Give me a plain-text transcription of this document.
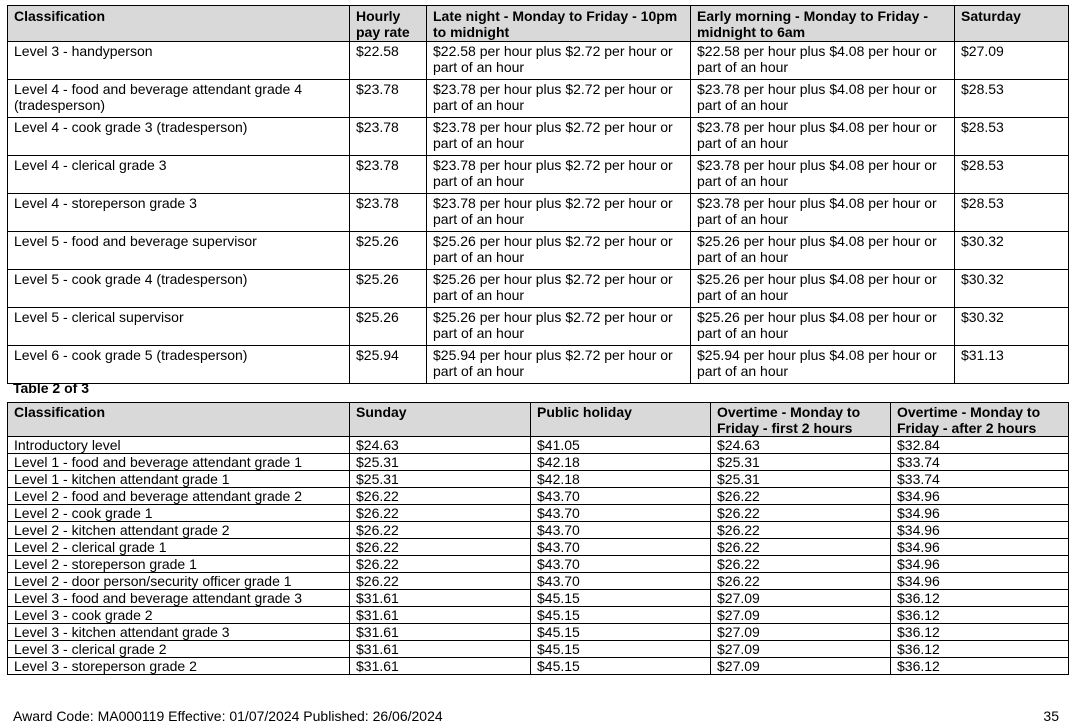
Classification	Hourly pay rate	Late night - Monday to Friday - 10pm to midnight	Early morning - Monday to Friday - midnight to 6am	Saturday
Level 3 - handyperson	$22.58	$22.58 per hour plus $2.72 per hour or part of an hour	$22.58 per hour plus $4.08 per hour or part of an hour	$27.09
Level 4 - food and beverage attendant grade 4 (tradesperson)	$23.78	$23.78 per hour plus $2.72 per hour or part of an hour	$23.78 per hour plus $4.08 per hour or part of an hour	$28.53
Level 4 - cook grade 3 (tradesperson)	$23.78	$23.78 per hour plus $2.72 per hour or part of an hour	$23.78 per hour plus $4.08 per hour or part of an hour	$28.53
Level 4 - clerical grade 3	$23.78	$23.78 per hour plus $2.72 per hour or part of an hour	$23.78 per hour plus $4.08 per hour or part of an hour	$28.53
Level 4 - storeperson grade 3	$23.78	$23.78 per hour plus $2.72 per hour or part of an hour	$23.78 per hour plus $4.08 per hour or part of an hour	$28.53
Level 5 - food and beverage supervisor	$25.26	$25.26 per hour plus $2.72 per hour or part of an hour	$25.26 per hour plus $4.08 per hour or part of an hour	$30.32
Level 5 - cook grade 4 (tradesperson)	$25.26	$25.26 per hour plus $2.72 per hour or part of an hour	$25.26 per hour plus $4.08 per hour or part of an hour	$30.32
Level 5 - clerical supervisor	$25.26	$25.26 per hour plus $2.72 per hour or part of an hour	$25.26 per hour plus $4.08 per hour or part of an hour	$30.32
Level 6 - cook grade 5 (tradesperson)	$25.94	$25.94 per hour plus $2.72 per hour or part of an hour	$25.94 per hour plus $4.08 per hour or part of an hour	$31.13
Table 2 of 3
Classification	Sunday	Public holiday	Overtime - Monday to Friday - first 2 hours	Overtime - Monday to Friday - after 2 hours
Introductory level	$24.63	$41.05	$24.63	$32.84
Level 1 - food and beverage attendant grade 1	$25.31	$42.18	$25.31	$33.74
Level 1 - kitchen attendant grade 1	$25.31	$42.18	$25.31	$33.74
Level 2 - food and beverage attendant grade 2	$26.22	$43.70	$26.22	$34.96
Level 2 - cook grade 1	$26.22	$43.70	$26.22	$34.96
Level 2 - kitchen attendant grade 2	$26.22	$43.70	$26.22	$34.96
Level 2 - clerical grade 1	$26.22	$43.70	$26.22	$34.96
Level 2 - storeperson grade 1	$26.22	$43.70	$26.22	$34.96
Level 2 - door person/security officer grade 1	$26.22	$43.70	$26.22	$34.96
Level 3 - food and beverage attendant grade 3	$31.61	$45.15	$27.09	$36.12
Level 3 - cook grade 2	$31.61	$45.15	$27.09	$36.12
Level 3 - kitchen attendant grade 3	$31.61	$45.15	$27.09	$36.12
Level 3 - clerical grade 2	$31.61	$45.15	$27.09	$36.12
Level 3 - storeperson grade 2	$31.61	$45.15	$27.09	$36.12
Award Code: MA000119 Effective: 01/07/2024 Published: 26/06/2024	35
